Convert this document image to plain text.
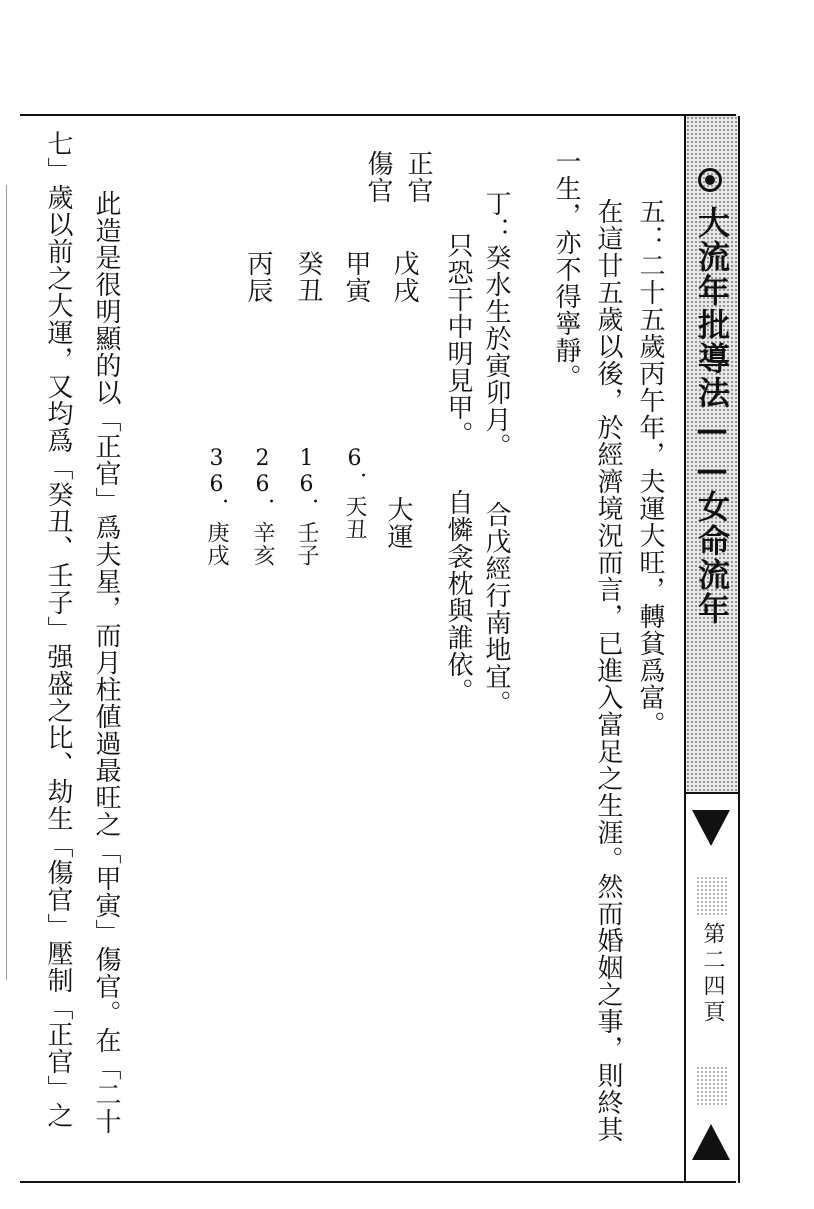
五：二十五歲丙午年，夫運大旺，轉貧爲富。
在這廿五歲以後，於經濟境況而言，已進入富足之生涯。然而婚姻之事，則終其
一生，亦不得寧靜。
丁：癸水生於寅卯月。　　合戊經行南地宜。
只恐干中明見甲。　　自憐衾枕與誰依。
正官
傷官
戊戌
甲寅
癸丑
丙辰
大運
6．天丑
16．壬子
26．辛亥
36．庚戌
此造是很明顯的以「正官」爲夫星，而月柱値過最旺之「甲寅」傷官。在「二十
七」歲以前之大運，又均爲「癸丑、壬子」强盛之比、劫生「傷官」壓制「正官」之	大流年批導法——女命流年
第二四頁
